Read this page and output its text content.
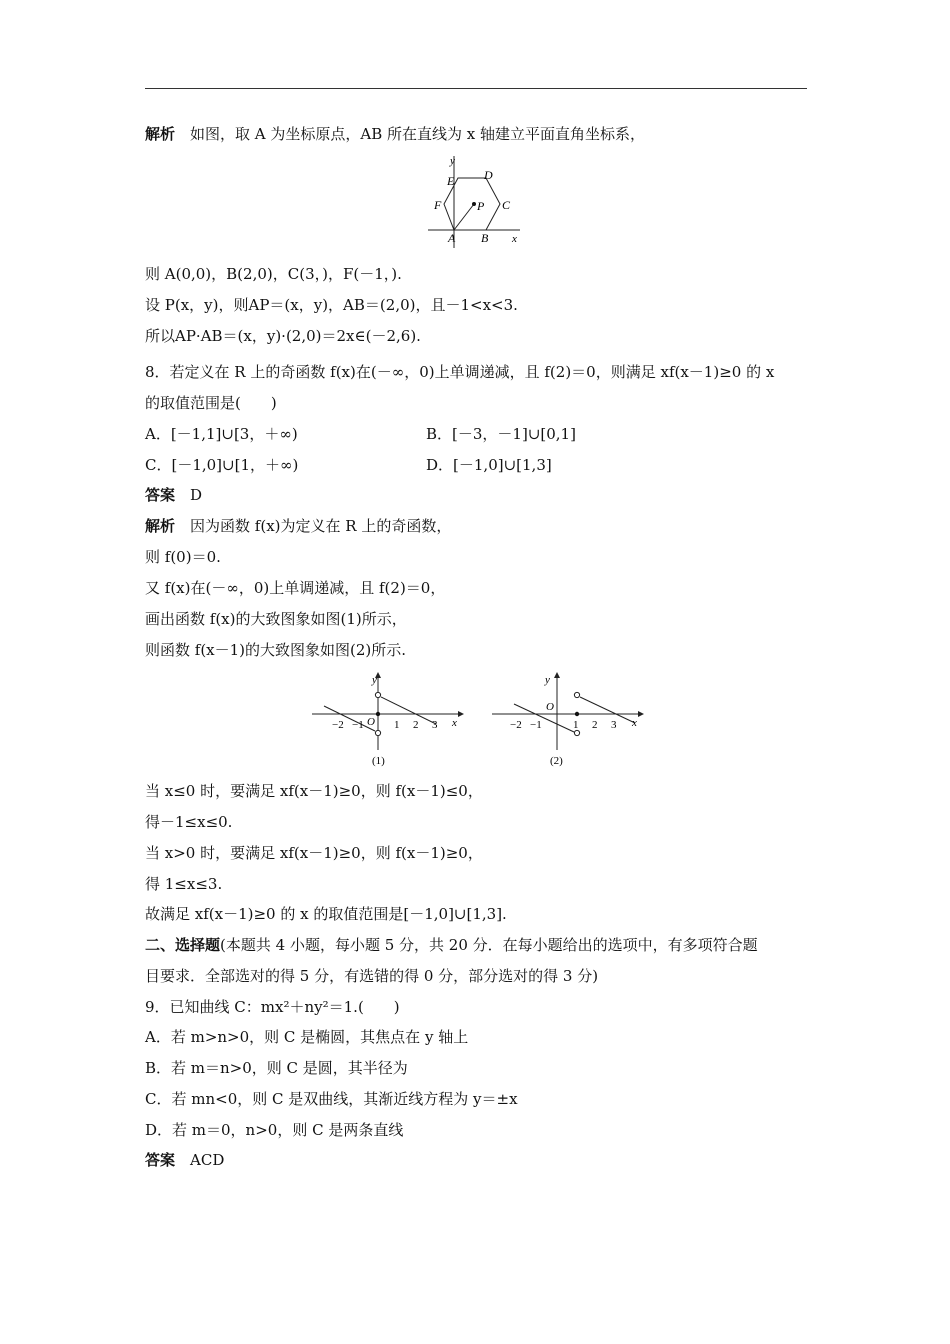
解析　 如图，取 A 为坐标原点，AB 所在直线为 x 轴建立平面直角坐标系，
y
E D
F	P C
A B x
则 A(0,0)，B(2,0)，C(3，)，F(－1，).
设 P(x，y)，则AP＝(x，y)，AB＝(2,0)，且－1<x<3.
所以AP·AB＝(x，y)·(2,0)＝2x∈(－2,6).
8．若定义在 R 上的奇函数 f(x)在(－∞，0)上单调递减，且 f(2)＝0，则满足 xf(x－1)≥0 的 x
的取值范围是(　　)
A．[－1,1]∪[3，＋∞)	B．[－3，－1]∪[0,1]
C．[－1,0]∪[1，＋∞)	D．[－1,0]∪[1,3]
答案　 D
解析　 因为函数 f(x)为定义在 R 上的奇函数，
则 f(0)＝0.
又 f(x)在(－∞，0)上单调递减，且 f(2)＝0，
画出函数 f(x)的大致图象如图(1)所示，
则函数 f(x－1)的大致图象如图(2)所示.
y
x
O
−2 −1	1 2 3
(1)
y
x
O
−2 −1	1 2 3
(2)
当 x≤0 时，要满足 xf(x－1)≥0，则 f(x－1)≤0，
得－1≤x≤0.
当 x>0 时，要满足 xf(x－1)≥0，则 f(x－1)≥0，
得 1≤x≤3.
故满足 xf(x－1)≥0 的 x 的取值范围是[－1,0]∪[1,3].
二、选择题(本题共 4 小题，每小题 5 分，共 20 分．在每小题给出的选项中，有多项符合题
目要求．全部选对的得 5 分，有选错的得 0 分，部分选对的得 3 分)
9．已知曲线 C：mx²＋ny²＝1.(　　)
A．若 m>n>0，则 C 是椭圆，其焦点在 y 轴上
B．若 m＝n>0，则 C 是圆，其半径为
C．若 mn<0，则 C 是双曲线，其渐近线方程为 y＝±x
D．若 m＝0，n>0，则 C 是两条直线
答案　 ACD
